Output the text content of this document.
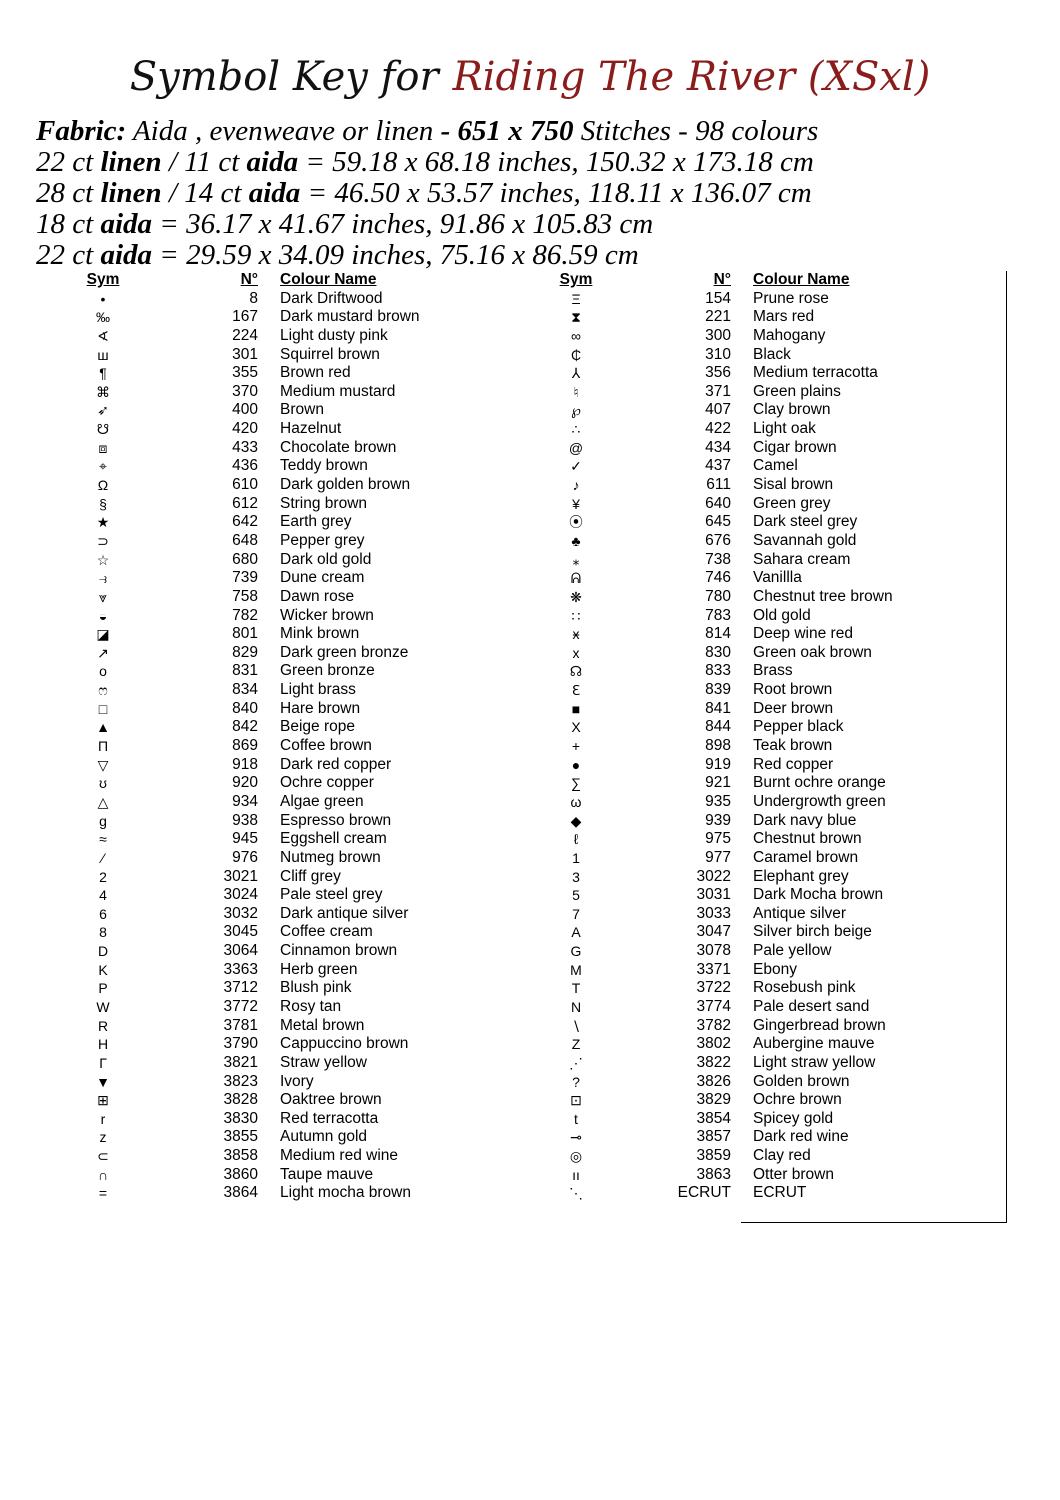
Symbol Key for Riding The River (XSxl)
Fabric: Aida , evenweave or linen - 651 x 750 Stitches - 98 colours
22 ct linen / 11 ct aida = 59.18 x 68.18 inches, 150.32 x 173.18 cm
28 ct linen / 14 ct aida = 46.50 x 53.57 inches, 118.11 x 136.07 cm
18 ct aida = 36.17 x 41.67 inches, 91.86 x 105.83 cm
22 ct aida = 29.59 x 34.09 inches, 75.16 x 86.59 cm
Sym	N° Colour Name
•	8 Dark Driftwood
‰	167 Dark mustard brown
∢	224 Light dusty pink
ш	301 Squirrel brown
¶	355 Brown red
⌘	370 Medium mustard
➶	400 Brown
☋	420 Hazelnut
⧈	433 Chocolate brown
⌖	436 Teddy brown
Ω	610 Dark golden brown
§	612 String brown
★	642 Earth grey
⊃	648 Pepper grey
☆	680 Dark old gold
⥽	739 Dune cream
⩔	758 Dawn rose
◒	782 Wicker brown
◪	801 Mink brown
↗	829 Dark green bronze
o	831 Green bronze
ෆ	834 Light brass
□	840 Hare brown
▲	842 Beige rope
Π	869 Coffee brown
▽	918 Dark red copper
ʊ	920 Ochre copper
△	934 Algae green
g	938 Espresso brown
≈	945 Eggshell cream
⁄	976 Nutmeg brown
2	3021 Cliff grey
4	3024 Pale steel grey
6	3032 Dark antique silver
8	3045 Coffee cream
D	3064 Cinnamon brown
K	3363 Herb green
P	3712 Blush pink
W	3772 Rosy tan
R	3781 Metal brown
H	3790 Cappuccino brown
Г	3821 Straw yellow
▼	3823 Ivory
⊞	3828 Oaktree brown
r	3830 Red terracotta
z	3855 Autumn gold
⊂	3858 Medium red wine
∩	3860 Taupe mauve
=	3864 Light mocha brown
Sym	N° Colour Name
Ξ	154 Prune rose
⧗	221 Mars red
∞	300 Mahogany
₵	310 Black
⅄	356 Medium terracotta
♮	371 Green plains
℘	407 Clay brown
∴	422 Light oak
@	434 Cigar brown
✓	437 Camel
♪	611 Sisal brown
¥	640 Green grey
⦿	645 Dark steel grey
♣	676 Savannah gold
⁎	738 Sahara cream
ᕱ	746 Vanillla
❋	780 Chestnut tree brown
∷	783 Old gold
ӿ	814 Deep wine red
x	830 Green oak brown
☊	833 Brass
ℇ	839 Root brown
■	841 Deer brown
X	844 Pepper black
+	898 Teak brown
●	919 Red copper
∑	921 Burnt ochre orange
ω	935 Undergrowth green
◆	939 Dark navy blue
ℓ	975 Chestnut brown
1	977 Caramel brown
3	3022 Elephant grey
5	3031 Dark Mocha brown
7	3033 Antique silver
A	3047 Silver birch beige
G	3078 Pale yellow
M	3371 Ebony
T	3722 Rosebush pink
N	3774 Pale desert sand
∖	3782 Gingerbread brown
Z	3802 Aubergine mauve
⋰	3822 Light straw yellow
?	3826 Golden brown
⊡	3829 Ochre brown
t	3854 Spicey gold
⊸	3857 Dark red wine
◎	3859 Clay red
ıı	3863 Otter brown
⋱	ECRUT ECRUT
